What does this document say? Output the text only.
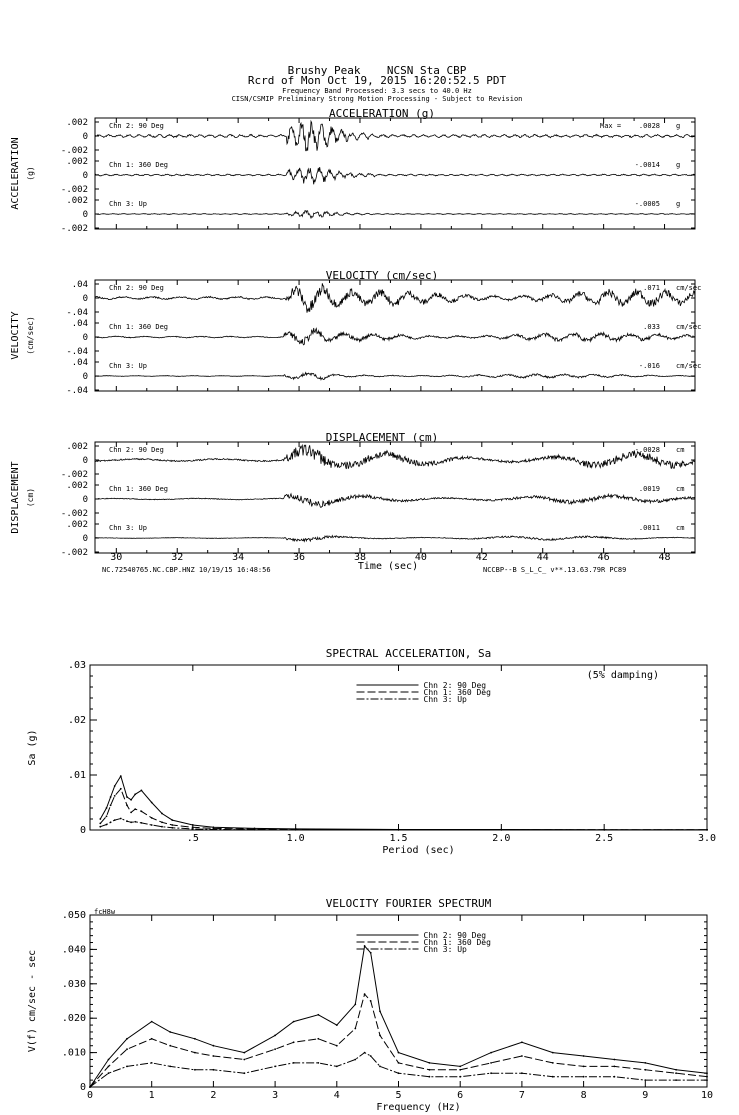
Brushy Peak    NCSN Sta CBP
Rcrd of Mon Oct 19, 2015 16:20:52.5 PDT
Frequency Band Processed: 3.3 secs to 40.0 Hz
CISN/CSMIP Preliminary Strong Motion Processing - Subject to Revision
30	32	34	36	38	40	42	44	46	48
ACCELERATION (g)
ACCELERATION (g)
.002
0
-.002
Chn 2: 90 Deg	Max =	.0028 g
.002
0
-.002
Chn 1: 360 Deg	-.0014 g
.002
0
-.002
Chn 3: Up	-.0005 g
VELOCITY (cm/sec)
VELOCITY (cm/sec)
.04
0
-.04
Chn 2: 90 Deg	.071 cm/sec
.04
0
-.04
Chn 1: 360 Deg	.033 cm/sec
.04
0
-.04
Chn 3: Up	-.016 cm/sec
DISPLACEMENT (cm)
DISPLACEMENT (cm)
.002
0
-.002
Chn 2: 90 Deg	-.0028 cm
.002
0
-.002
Chn 1: 360 Deg	.0019 cm
.002
0
-.002
Chn 3: Up	.0011 cm
NC.72540765.NC.CBP.HNZ 10/19/15 16:48:56	Time (sec)	NCCBP--B S_L_C_ v**.13.63.79R PC89
SPECTRAL ACCELERATION, Sa
Period (sec)
Sa (g)
.5	1.0	1.5	2.0	2.5	3.0
0
.01
.02
.03
(5% damping)
Chn 2: 90 Deg
Chn 1: 360 Deg
Chn 3: Up
VELOCITY FOURIER SPECTRUM
Frequency (Hz)
V(f) cm/sec - sec
0	1	2	3	4	5	6	7	8	9	10
0
.010
.020
.030
.040
.050 fcH8w
Chn 2: 90 Deg
Chn 1: 360 Deg
Chn 3: Up
